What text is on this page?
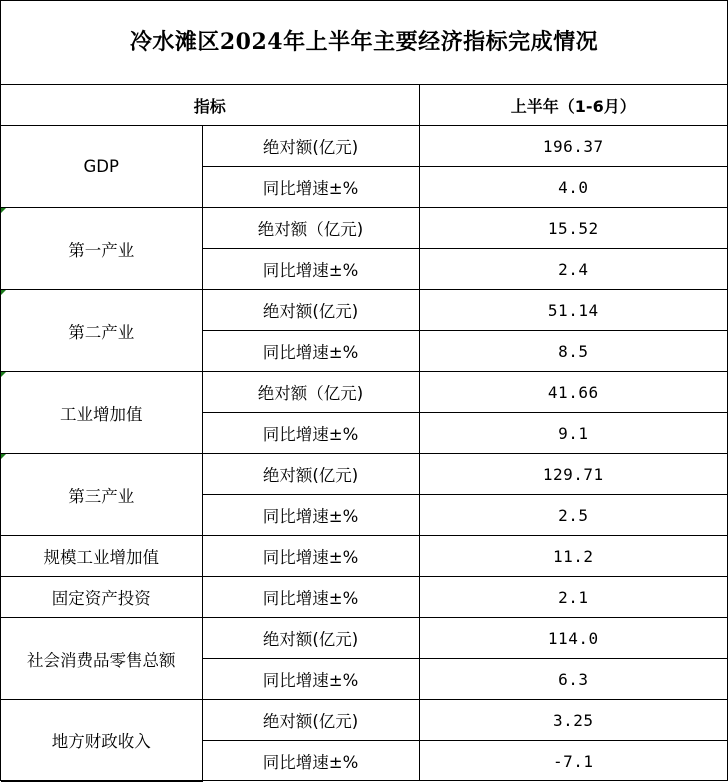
冷水滩区2024年上半年主要经济指标完成情况
指标		上半年（1-6月）
GDP	绝对额(亿元)	196.37
	同比增速±%	4.0
第一产业	绝对额（亿元)	15.52
	同比增速±%	2.4
第二产业	绝对额(亿元)	51.14
	同比增速±%	8.5
工业增加值	绝对额（亿元)	41.66
	同比增速±%	9.1
第三产业	绝对额(亿元)	129.71
	同比增速±%	2.5
规模工业增加值	同比增速±%	11.2
固定资产投资	同比增速±%	2.1
社会消费品零售总额	绝对额(亿元)	114.0
	同比增速±%	6.3
地方财政收入	绝对额(亿元)	3.25
	同比增速±%	-7.1
